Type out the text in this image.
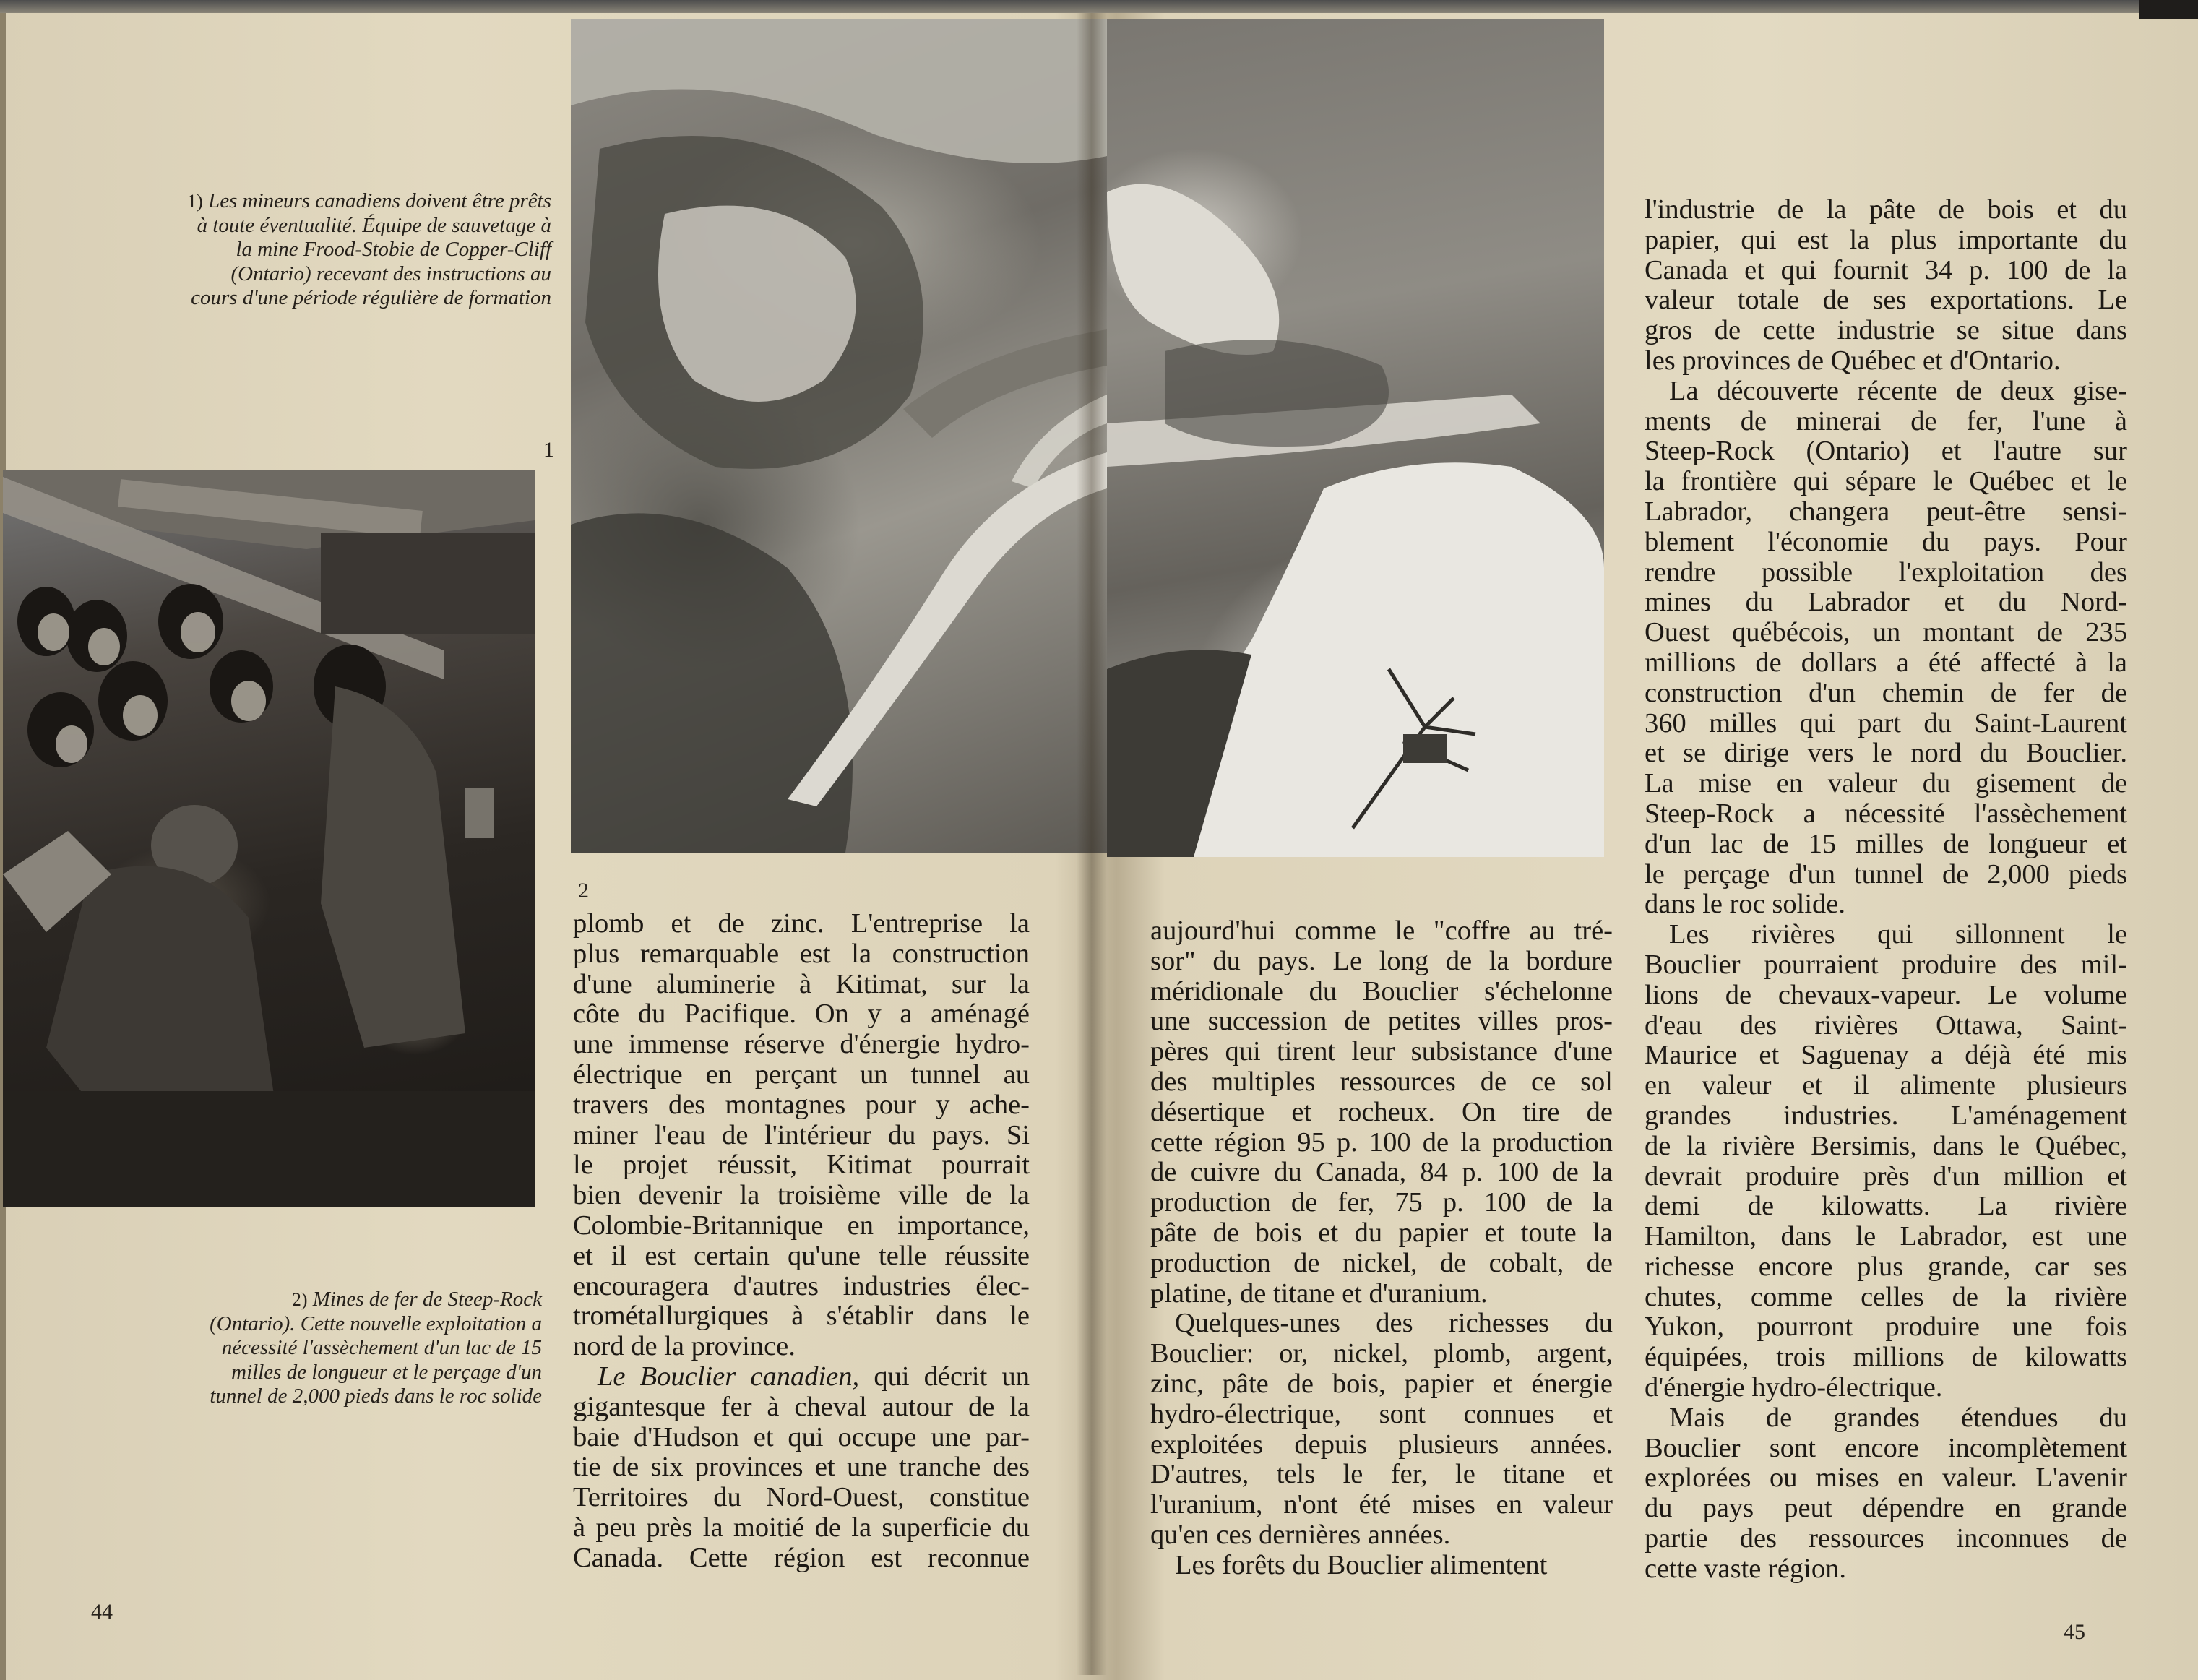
1) Les mineurs canadiens doivent être prêts à toute éventualité. Équipe de sauvetage à la mine Frood-Stobie de Copper-Cliff (Ontario) recevant des instructions au cours d'une période régulière de formation
1
2
2) Mines de fer de Steep-Rock (Ontario). Cette nouvelle exploitation a nécessité l'assèchement d'un lac de 15 milles de longueur et le perçage d'un tunnel de 2,000 pieds dans le roc solide
plomb et de zinc. L'entreprise la
plus remarquable est la construction
d'une aluminerie à Kitimat, sur la
côte du Pacifique. On y a aménagé
une immense réserve d'énergie hydro-
électrique en perçant un tunnel au
travers des montagnes pour y ache-
miner l'eau de l'intérieur du pays. Si
le projet réussit, Kitimat pourrait
bien devenir la troisième ville de la
Colombie-Britannique en importance,
et il est certain qu'une telle réussite
encouragera d'autres industries élec-
trométallurgiques à s'établir dans le
nord de la province.
Le Bouclier canadien, qui décrit un
gigantesque fer à cheval autour de la
baie d'Hudson et qui occupe une par-
tie de six provinces et une tranche des
Territoires du Nord-Ouest, constitue
à peu près la moitié de la superficie du
Canada. Cette région est reconnue
aujourd'hui comme le "coffre au tré-
sor" du pays. Le long de la bordure
méridionale du Bouclier s'échelonne
une succession de petites villes pros-
pères qui tirent leur subsistance d'une
des multiples ressources de ce sol
désertique et rocheux. On tire de
cette région 95 p. 100 de la production
de cuivre du Canada, 84 p. 100 de la
production de fer, 75 p. 100 de la
pâte de bois et du papier et toute la
production de nickel, de cobalt, de
platine, de titane et d'uranium.
Quelques-unes des richesses du
Bouclier: or, nickel, plomb, argent,
zinc, pâte de bois, papier et énergie
hydro-électrique, sont connues et
exploitées depuis plusieurs années.
D'autres, tels le fer, le titane et
l'uranium, n'ont été mises en valeur
qu'en ces dernières années.
Les forêts du Bouclier alimentent
l'industrie de la pâte de bois et du
papier, qui est la plus importante du
Canada et qui fournit 34 p. 100 de la
valeur totale de ses exportations. Le
gros de cette industrie se situe dans
les provinces de Québec et d'Ontario.
La découverte récente de deux gise-
ments de minerai de fer, l'une à
Steep-Rock (Ontario) et l'autre sur
la frontière qui sépare le Québec et le
Labrador, changera peut-être sensi-
blement l'économie du pays. Pour
rendre possible l'exploitation des
mines du Labrador et du Nord-
Ouest québécois, un montant de 235
millions de dollars a été affecté à la
construction d'un chemin de fer de
360 milles qui part du Saint-Laurent
et se dirige vers le nord du Bouclier.
La mise en valeur du gisement de
Steep-Rock a nécessité l'assèchement
d'un lac de 15 milles de longueur et
le perçage d'un tunnel de 2,000 pieds
dans le roc solide.
Les rivières qui sillonnent le
Bouclier pourraient produire des mil-
lions de chevaux-vapeur. Le volume
d'eau des rivières Ottawa, Saint-
Maurice et Saguenay a déjà été mis
en valeur et il alimente plusieurs
grandes industries. L'aménagement
de la rivière Bersimis, dans le Québec,
devrait produire près d'un million et
demi de kilowatts. La rivière
Hamilton, dans le Labrador, est une
richesse encore plus grande, car ses
chutes, comme celles de la rivière
Yukon, pourront produire une fois
équipées, trois millions de kilowatts
d'énergie hydro-électrique.
Mais de grandes étendues du
Bouclier sont encore incomplètement
explorées ou mises en valeur. L'avenir
du pays peut dépendre en grande
partie des ressources inconnues de
cette vaste région.
44
45
